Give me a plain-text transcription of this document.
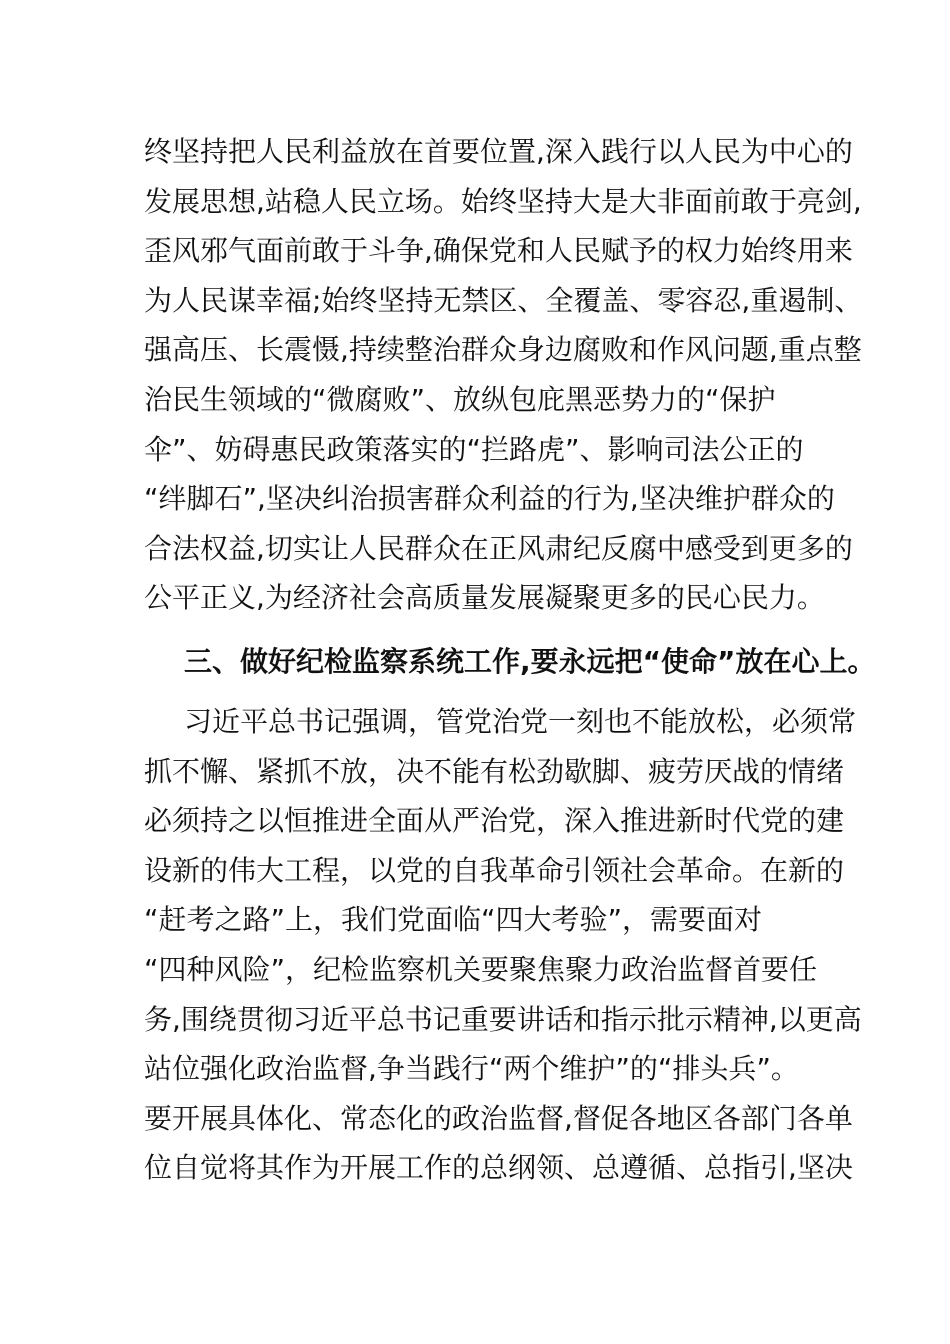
终坚持把人民利益放在首要位置,深入践行以人民为中心的
发展思想,站稳人民立场。始终坚持大是大非面前敢于亮剑,
歪风邪气面前敢于斗争,确保党和人民赋予的权力始终用来
为人民谋幸福;始终坚持无禁区、全覆盖、零容忍,重遏制、
强高压、长震慑,持续整治群众身边腐败和作风问题,重点整
治民生领域的“微腐败”、放纵包庇黑恶势力的“保护
伞”、妨碍惠民政策落实的“拦路虎”、影响司法公正的
“绊脚石”,坚决纠治损害群众利益的行为,坚决维护群众的
合法权益,切实让人民群众在正风肃纪反腐中感受到更多的
公平正义,为经济社会高质量发展凝聚更多的民心民力。
三、做好纪检监察系统工作,要永远把“使命”放在心上。
习近平总书记强调，管党治党一刻也不能放松，必须常
抓不懈、紧抓不放，决不能有松劲歇脚、疲劳厌战的情绪
必须持之以恒推进全面从严治党，深入推进新时代党的建
设新的伟大工程，以党的自我革命引领社会革命。在新的
“赶考之路”上，我们党面临“四大考验”，需要面对
“四种风险”，纪检监察机关要聚焦聚力政治监督首要任
务,围绕贯彻习近平总书记重要讲话和指示批示精神,以更高
站位强化政治监督,争当践行“两个维护”的“排头兵”。
要开展具体化、常态化的政治监督,督促各地区各部门各单
位自觉将其作为开展工作的总纲领、总遵循、总指引,坚决
